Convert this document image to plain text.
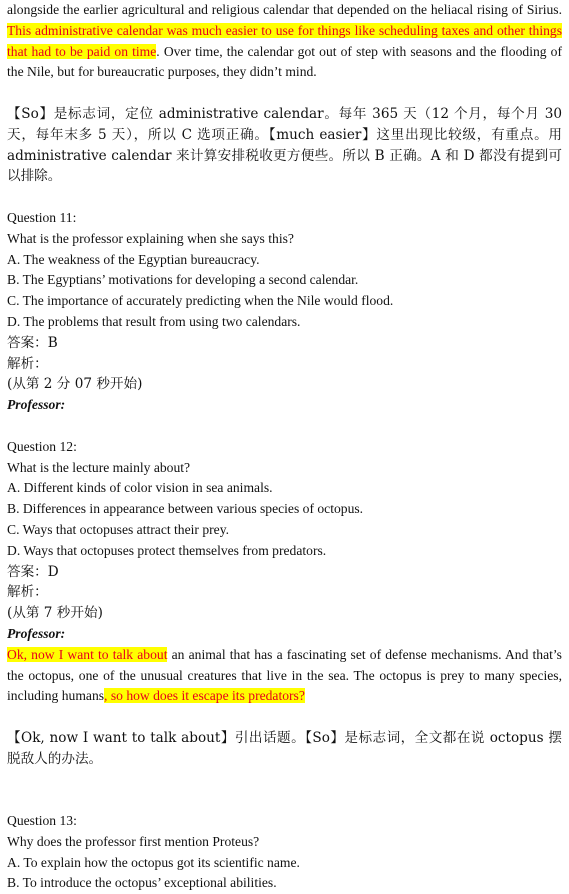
alongside the earlier agricultural and religious calendar that depended on the heliacal rising of Sirius. This administrative calendar was much easier to use for things like scheduling taxes and other things that had to be paid on time. Over time, the calendar got out of step with seasons and the flooding of the Nile, but for bureaucratic purposes, they didn’t mind.

【So】是标志词，定位 administrative calendar。每年 365 天（12 个月，每个月 30 天，每年末多 5 天），所以 C 选项正确。【much easier】这里出现比较级，有重点。用 administrative calendar 来计算安排税收更方便些。所以 B 正确。A 和 D 都没有提到可以排除。

Question 11:

What is the professor explaining when she says this?

A. The weakness of the Egyptian bureaucracy.

B. The Egyptians’ motivations for developing a second calendar.

C. The importance of accurately predicting when the Nile would flood.

D. The problems that result from using two calendars.

答案：B

解析：

(从第 2 分 07 秒开始)

Professor:

Question 12:

What is the lecture mainly about?

A. Different kinds of color vision in sea animals.

B. Differences in appearance between various species of octopus.

C. Ways that octopuses attract their prey.

D. Ways that octopuses protect themselves from predators.

答案：D

解析：

(从第 7 秒开始)

Professor:

Ok, now I want to talk about an animal that has a fascinating set of defense mechanisms. And that’s the octopus, one of the unusual creatures that live in the sea. The octopus is prey to many species, including humans, so how does it escape its predators?

【Ok, now I want to talk about】引出话题。【So】是标志词，全文都在说 octopus 摆脱敌人的办法。

Question 13:

Why does the professor first mention Proteus?

A. To explain how the octopus got its scientific name.

B. To introduce the octopus’ exceptional abilities.
